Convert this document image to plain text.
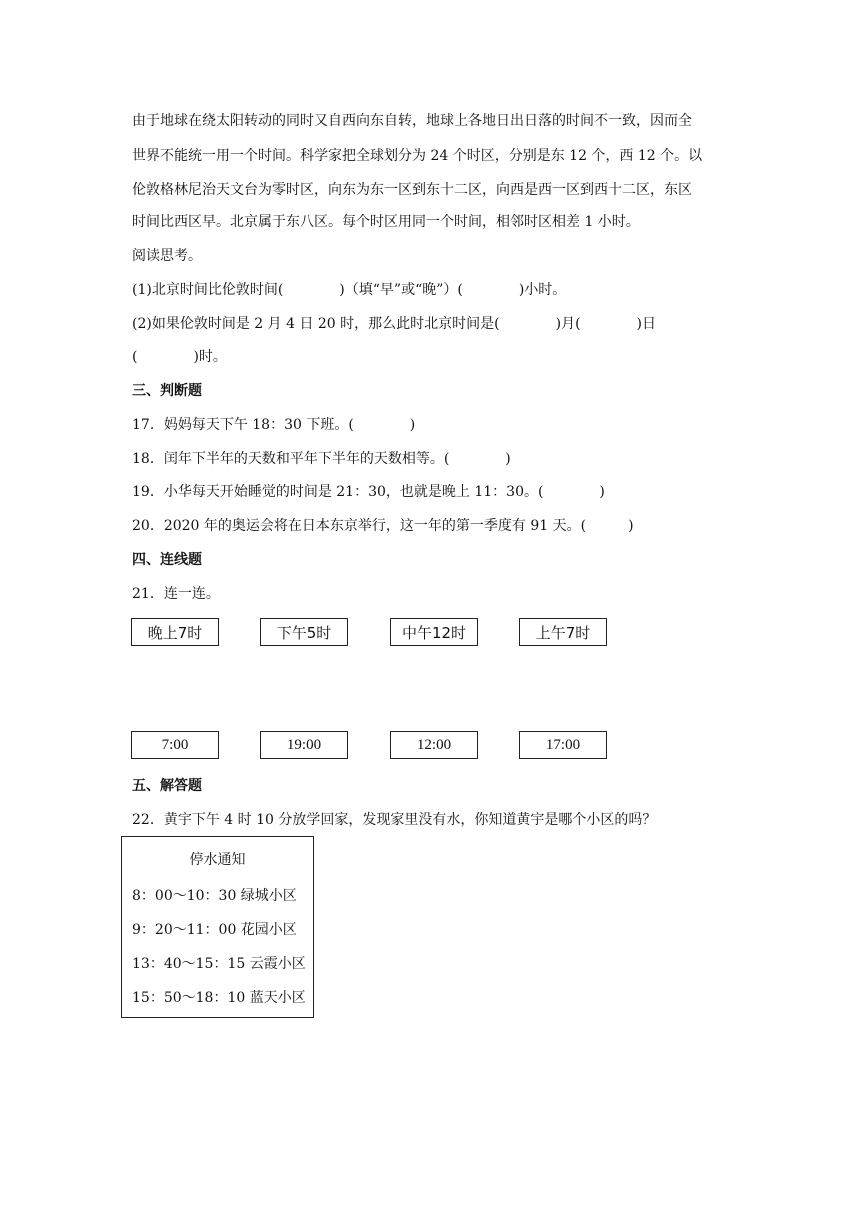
由于地球在绕太阳转动的同时又自西向东自转，地球上各地日出日落的时间不一致，因而全
世界不能统一用一个时间。科学家把全球划分为 24 个时区，分别是东 12 个，西 12 个。以
伦敦格林尼治天文台为零时区，向东为东一区到东十二区，向西是西一区到西十二区，东区
时间比西区早。北京属于东八区。每个时区用同一个时间，相邻时区相差 1 小时。
阅读思考。
(1)北京时间比伦敦时间(　　　　)（填“早”或“晚”）(　　　　)小时。
(2)如果伦敦时间是 2 月 4 日 20 时，那么此时北京时间是(　　　　)月(　　　　)日
(　　　　)时。
三、判断题
17．妈妈每天下午 18：30 下班。(　　　　)
18．闰年下半年的天数和平年下半年的天数相等。(　　　　)
19．小华每天开始睡觉的时间是 21：30，也就是晚上 11：30。(　　　　)
20．2020 年的奥运会将在日本东京举行，这一年的第一季度有 91 天。(　　　)
四、连线题
21．连一连。
晚上7时	下午5时	中午12时	上午7时
7:00	19:00	12:00	17:00
五、解答题
22．黄宇下午 4 时 10 分放学回家，发现家里没有水，你知道黄宇是哪个小区的吗？
停水通知
8：00～10：30 绿城小区
9：20～11：00 花园小区
13：40～15：15 云霞小区
15：50～18：10 蓝天小区
